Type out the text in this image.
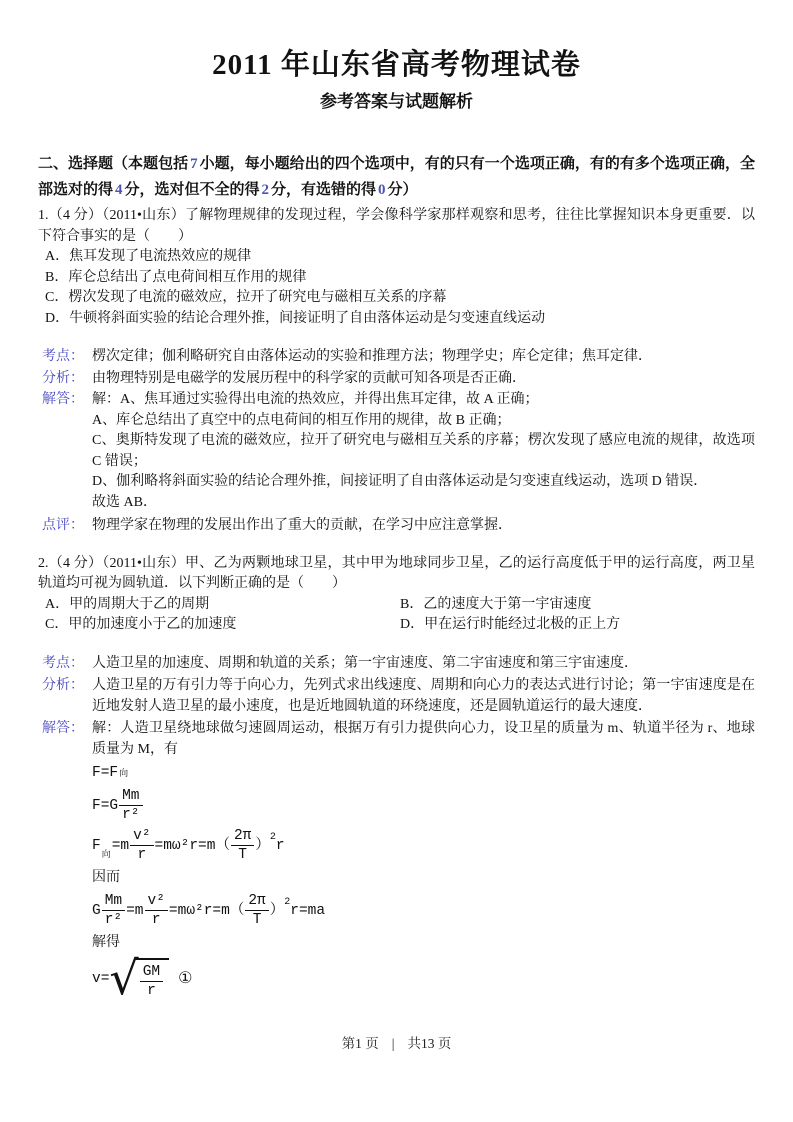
2011 年山东省高考物理试卷
参考答案与试题解析

二、选择题（本题包括 7 小题，每小题给出的四个选项中，有的只有一个选项正确，有的有多个选项正确，全部选对的得 4 分，选对但不全的得 2 分，有选错的得 0 分）

1.（4 分）（2011•山东）了解物理规律的发现过程，学会像科学家那样观察和思考，往往比掌握知识本身更重要．以下符合事实的是（　　）

A．焦耳发现了电流热效应的规律
B．库仑总结出了点电荷间相互作用的规律
C．楞次发现了电流的磁效应，拉开了研究电与磁相互关系的序幕
D．牛顿将斜面实验的结论合理外推，间接证明了自由落体运动是匀变速直线运动
考点： 楞次定律；伽利略研究自由落体运动的实验和推理方法；物理学史；库仑定律；焦耳定律．
分析： 由物理特别是电磁学的发展历程中的科学家的贡献可知各项是否正确．
解答： 解：A、焦耳通过实验得出电流的热效应，并得出焦耳定律，故 A 正确；

A、库仑总结出了真空中的点电荷间的相互作用的规律，故 B 正确；

C、奥斯特发现了电流的磁效应，拉开了研究电与磁相互关系的序幕；楞次发现了感应电流的规律，故选项 C 错误；

D、伽利略将斜面实验的结论合理外推，间接证明了自由落体运动是匀变速直线运动，选项 D 错误．

故选 AB．

点评： 物理学家在物理的发展出作出了重大的贡献，在学习中应注意掌握．

2.（4 分）（2011•山东）甲、乙为两颗地球卫星，其中甲为地球同步卫星，乙的运行高度低于甲的运行高度，两卫星轨道均可视为圆轨道．以下判断正确的是（　　）

A．甲的周期大于乙的周期	B．乙的速度大于第一宇宙速度
C．甲的加速度小于乙的加速度	D．甲在运行时能经过北极的正上方
考点： 人造卫星的加速度、周期和轨道的关系；第一宇宙速度、第二宇宙速度和第三宇宙速度．
分析： 人造卫星的万有引力等于向心力，先列式求出线速度、周期和向心力的表达式进行讨论；第一宇宙速度是在近地发射人造卫星的最小速度，也是近地圆轨道的环绕速度，还是圆轨道运行的最大速度．
解答： 解：人造卫星绕地球做匀速圆周运动，根据万有引力提供向心力，设卫星的质量为 m、轨道半径为 r、地球质量为 M，有

F=F 向
$F=G \frac{Mm}{\text{r²}}$
F
向
$=m \frac{\text{v²}}{r} =m\omega^2r=m( \frac{2\pi}{T}$ ） 2 r

因而

G $\frac{Mm}{\text{r²}} =m \frac{\text{v²}}{r} =m\omega^2r=m( \frac{2\pi}{T}$ ） 2 r=ma

解得

v= √ $\frac{GM}{r}$ ①
第1 页 | 共13 页
